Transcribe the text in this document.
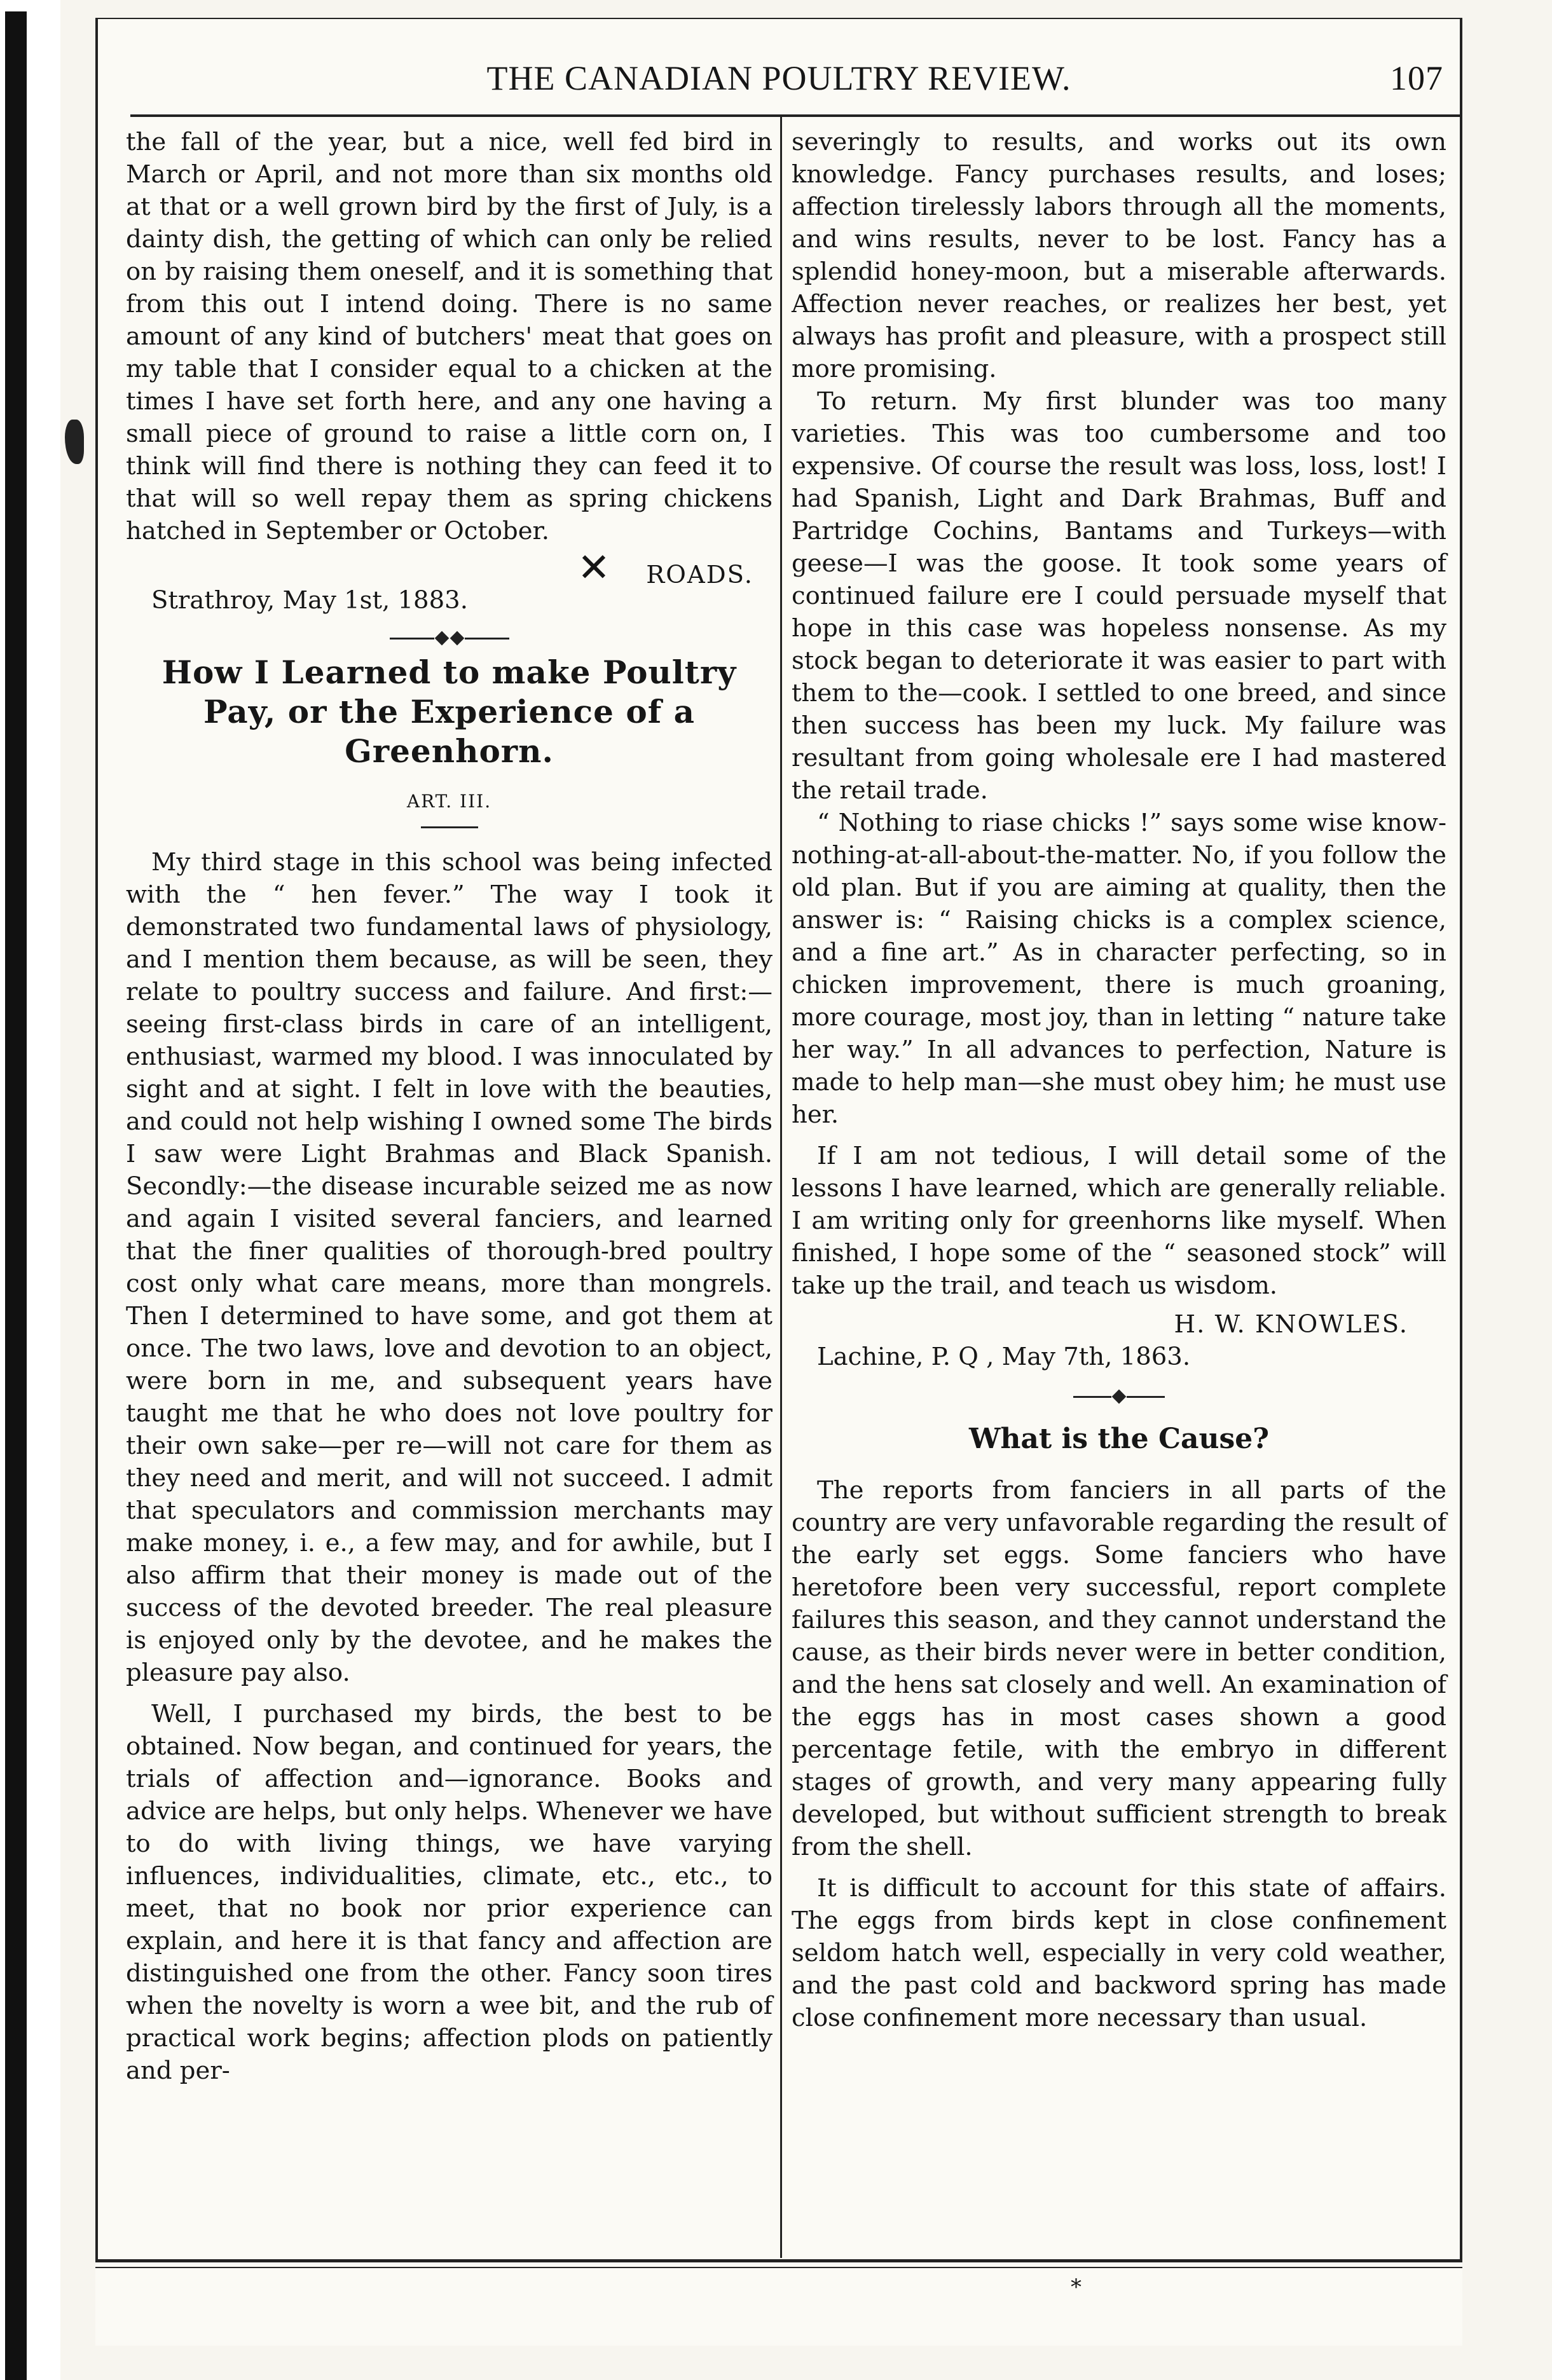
THE CANADIAN POULTRY REVIEW.	107

the fall of the year, but a nice, well fed bird in March or April, and not more than six months old at that or a well grown bird by the first of July, is a dainty dish, the getting of which can only be relied on by raising them oneself, and it is something that from this out I intend doing. There is no same amount of any kind of butchers' meat that goes on my table that I consider equal to a chicken at the times I have set forth here, and any one having a small piece of ground to raise a little corn on, I think will find there is nothing they can feed it to that will so well repay them as spring chickens hatched in September or October.

Strathroy, May 1st, 1883.
✕ ROADS.
How I Learned to make Poultry Pay, or the Experience of a Greenhorn.
ART. III.

My third stage in this school was being infected with the “ hen fever.” The way I took it demonstrated two fundamental laws of physiology, and I mention them because, as will be seen, they relate to poultry success and failure. And first:—seeing first-class birds in care of an intelligent, enthusiast, warmed my blood. I was innoculated by sight and at sight. I felt in love with the beauties, and could not help wishing I owned some The birds I saw were Light Brahmas and Black Spanish. Secondly:—the disease incurable seized me as now and again I visited several fanciers, and learned that the finer qualities of thorough-bred poultry cost only what care means, more than mongrels. Then I determined to have some, and got them at once. The two laws, love and devotion to an object, were born in me, and subsequent years have taught me that he who does not love poultry for their own sake—per re—will not care for them as they need and merit, and will not succeed. I admit that speculators and commission merchants may make money, i. e., a few may, and for awhile, but I also affirm that their money is made out of the success of the devoted breeder. The real pleasure is enjoyed only by the devotee, and he makes the pleasure pay also.

Well, I purchased my birds, the best to be obtained. Now began, and continued for years, the trials of affection and—ignorance. Books and advice are helps, but only helps. Whenever we have to do with living things, we have varying influences, individualities, climate, etc., etc., to meet, that no book nor prior experience can explain, and here it is that fancy and affection are distinguished one from the other. Fancy soon tires when the novelty is worn a wee bit, and the rub of practical work begins; affection plods on patiently and per-

severingly to results, and works out its own knowledge. Fancy purchases results, and loses; affection tirelessly labors through all the moments, and wins results, never to be lost. Fancy has a splendid honey-moon, but a miserable afterwards. Affection never reaches, or realizes her best, yet always has profit and pleasure, with a prospect still more promising.

To return. My first blunder was too many varieties. This was too cumbersome and too expensive. Of course the result was loss, loss, lost! I had Spanish, Light and Dark Brahmas, Buff and Partridge Cochins, Bantams and Turkeys—with geese—I was the goose. It took some years of continued failure ere I could persuade myself that hope in this case was hopeless nonsense. As my stock began to deteriorate it was easier to part with them to the—cook. I settled to one breed, and since then success has been my luck. My failure was resultant from going wholesale ere I had mastered the retail trade.

“ Nothing to riase chicks !” says some wise know-nothing-at-all-about-the-matter. No, if you follow the old plan. But if you are aiming at quality, then the answer is: “ Raising chicks is a complex science, and a fine art.” As in character perfecting, so in chicken improvement, there is much groaning, more courage, most joy, than in letting “ nature take her way.” In all advances to perfection, Nature is made to help man—she must obey him; he must use her.

If I am not tedious, I will detail some of the lessons I have learned, which are generally reliable. I am writing only for greenhorns like myself. When finished, I hope some of the “ seasoned stock” will take up the trail, and teach us wisdom.

H. W. KNOWLES.
Lachine, P. Q , May 7th, 1863.
What is the Cause?

The reports from fanciers in all parts of the country are very unfavorable regarding the result of the early set eggs. Some fanciers who have heretofore been very successful, report complete failures this season, and they cannot understand the cause, as their birds never were in better condition, and the hens sat closely and well. An examination of the eggs has in most cases shown a good percentage fetile, with the embryo in different stages of growth, and very many appearing fully developed, but without sufficient strength to break from the shell.

It is difficult to account for this state of affairs. The eggs from birds kept in close confinement seldom hatch well, especially in very cold weather, and the past cold and backword spring has made close confinement more necessary than usual.

*
